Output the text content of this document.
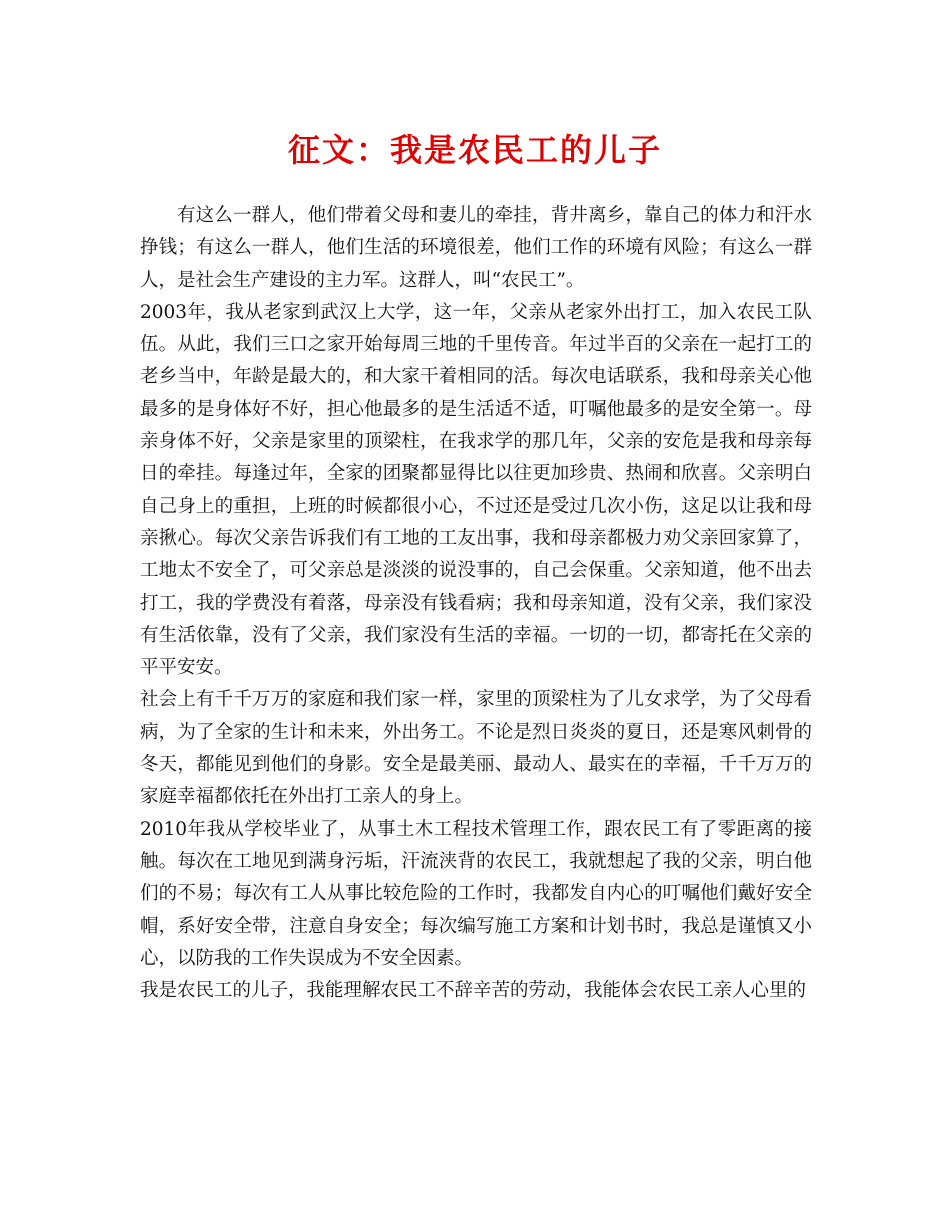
征文：我是农民工的儿子

有这么一群人，他们带着父母和妻儿的牵挂，背井离乡，靠自己的体力和汗水挣钱；有这么一群人，他们生活的环境很差，他们工作的环境有风险；有这么一群人，是社会生产建设的主力军。这群人，叫“农民工”。

2003年，我从老家到武汉上大学，这一年，父亲从老家外出打工，加入农民工队伍。从此，我们三口之家开始每周三地的千里传音。年过半百的父亲在一起打工的老乡当中，年龄是最大的，和大家干着相同的活。每次电话联系，我和母亲关心他最多的是身体好不好，担心他最多的是生活适不适，叮嘱他最多的是安全第一。母亲身体不好，父亲是家里的顶梁柱，在我求学的那几年，父亲的安危是我和母亲每日的牵挂。每逢过年，全家的团聚都显得比以往更加珍贵、热闹和欣喜。父亲明白自己身上的重担，上班的时候都很小心，不过还是受过几次小伤，这足以让我和母亲揪心。每次父亲告诉我们有工地的工友出事，我和母亲都极力劝父亲回家算了，工地太不安全了，可父亲总是淡淡的说没事的，自己会保重。父亲知道，他不出去打工，我的学费没有着落，母亲没有钱看病；我和母亲知道，没有父亲，我们家没有生活依靠，没有了父亲，我们家没有生活的幸福。一切的一切，都寄托在父亲的平平安安。

社会上有千千万万的家庭和我们家一样，家里的顶梁柱为了儿女求学，为了父母看病，为了全家的生计和未来，外出务工。不论是烈日炎炎的夏日，还是寒风刺骨的冬天，都能见到他们的身影。安全是最美丽、最动人、最实在的幸福，千千万万的家庭幸福都依托在外出打工亲人的身上。

2010年我从学校毕业了，从事土木工程技术管理工作，跟农民工有了零距离的接触。每次在工地见到满身污垢，汗流浃背的农民工，我就想起了我的父亲，明白他们的不易；每次有工人从事比较危险的工作时，我都发自内心的叮嘱他们戴好安全帽，系好安全带，注意自身安全；每次编写施工方案和计划书时，我总是谨慎又小心，以防我的工作失误成为不安全因素。

我是农民工的儿子，我能理解农民工不辞辛苦的劳动，我能体会农民工亲人心里的
